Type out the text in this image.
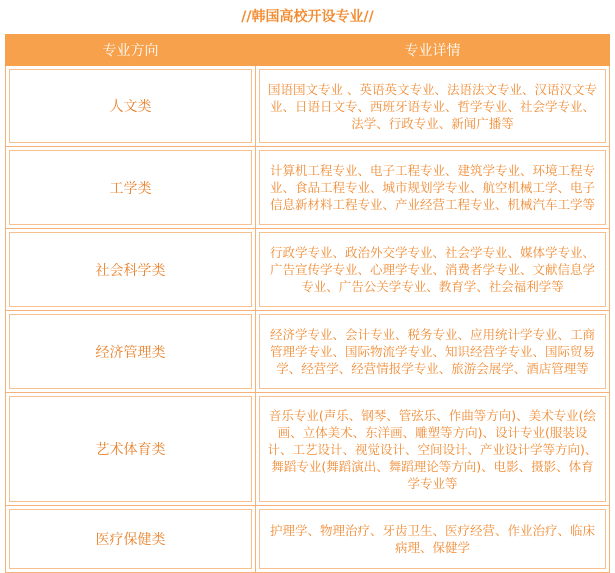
//韩国高校开设专业//
专业方向	专业详情

人文类	国语国文专业 、英语英文专业、法语法文专业、汉语汉文专业、日语日文专、西班牙语专业、哲学专业、社会学专业、法学、行政专业、新闻广播等

工学类	计算机工程专业、电子工程专业、建筑学专业、环境工程专业、食品工程专业、城市规划学专业、航空机械工学、电子信息新材料工程专业、产业经营工程专业、机械汽车工学等

社会科学类	行政学专业、政治外交学专业、社会学专业、媒体学专业、广告宣传学专业、心理学专业、消费者学专业、文献信息学专业、广告公关学专业、教育学、社会福利学等

经济管理类	经济学专业、会计专业、税务专业、应用统计学专业、工商管理学专业、国际物流学专业、知识经营学专业、国际贸易学、经营学、经营情报学专业、旅游会展学、酒店管理等

艺术体育类	音乐专业(声乐、钢琴、管弦乐、作曲等方向)、美术专业(绘画、立体美术、东洋画、雕塑等方向)、设计专业(服装设计、工艺设计、视觉设计、空间设计、产业设计学等方向)、舞蹈专业(舞蹈演出、舞蹈理论等方向)、电影、摄影、体育学专业等

医疗保健类	护理学、物理治疗、牙齿卫生、医疗经营、作业治疗、临床病理、保健学
